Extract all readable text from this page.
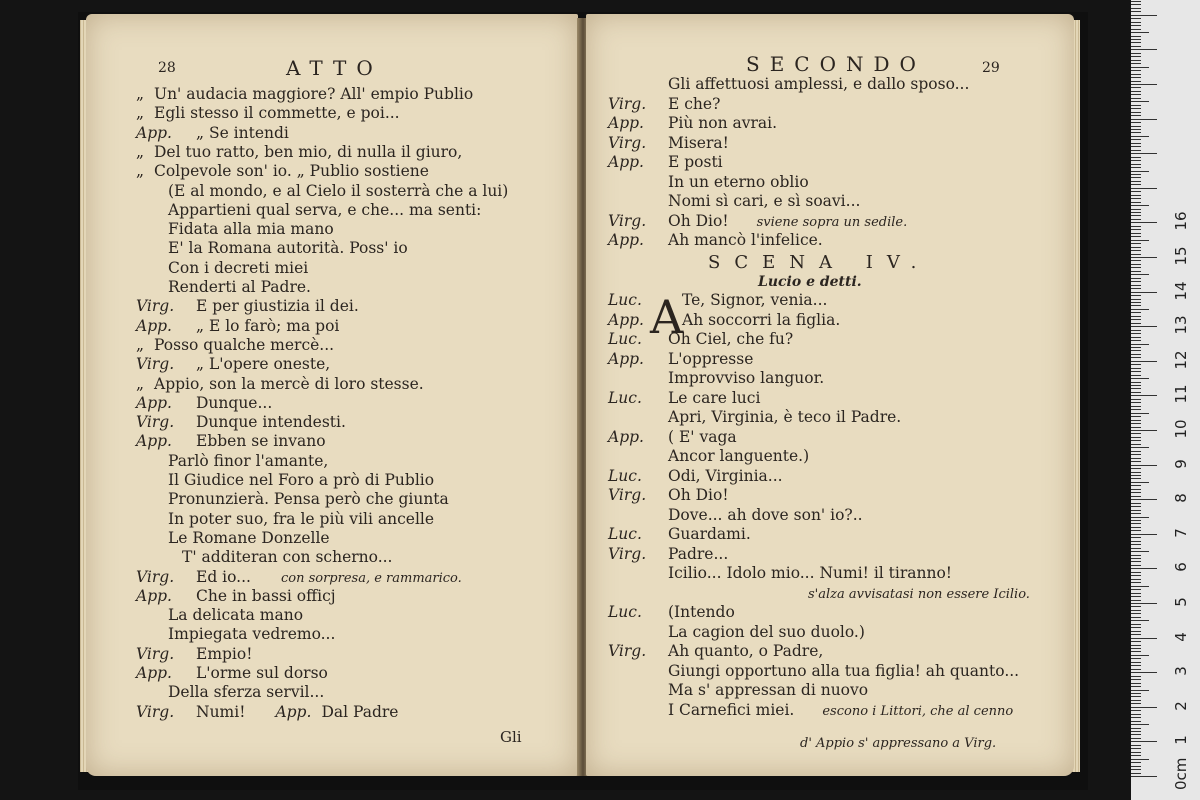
28	ATTO
„ Un' audacia maggiore? All' empio Publio
„ Egli stesso il commette, e poi...
App. „ Se intendi
„ Del tuo ratto, ben mio, di nulla il giuro,
„ Colpevole son' io. „ Publio sostiene
(E al mondo, e al Cielo il sosterrà che a lui)
Appartieni qual serva, e che... ma senti:
Fidata alla mia mano
E' la Romana autorità. Poss' io
Con i decreti miei
Renderti al Padre.
Virg. E per giustizia il dei.
App. „ E lo farò; ma poi
„ Posso qualche mercè...
Virg. „ L'opere oneste,
„ Appio, son la mercè di loro stesse.
App. Dunque...
Virg. Dunque intendesti.
App. Ebben se invano
Parlò finor l'amante,
Il Giudice nel Foro a prò di Publio
Pronunzierà. Pensa però che giunta
In poter suo, fra le più vili ancelle
Le Romane Donzelle
T' additeran con scherno...
Virg. Ed io... con sorpresa, e rammarico.
App. Che in bassi officj
La delicata mano
Impiegata vedremo...
Virg. Empio!
App. L'orme sul dorso
Della sferza servil...
Virg. Numi! App. Dal Padre
Gli
SECONDO	29
Gli affettuosi amplessi, e dallo sposo...
Virg. E che?
App. Più non avrai.
Virg. Misera!
App. E posti
In un eterno oblio
Nomi sì cari, e sì soavi...
Virg. Oh Dio! sviene sopra un sedile.
App. Ah mancò l'infelice.
SCENA IV.
Lucio e detti.
A
Luc.	Te, Signor, venia...
App. Ah soccorri la figlia.
Luc. Oh Ciel, che fu?
App. L'oppresse
Improvviso languor.
Luc. Le care luci
Apri, Virginia, è teco il Padre.
App. ( E' vaga
Ancor languente.)
Luc. Odi, Virginia...
Virg. Oh Dio!
Dove... ah dove son' io?..
Luc. Guardami.
Virg. Padre...
Icilio... Idolo mio... Numi! il tiranno!
s'alza avvisatasi non essere Icilio.
Luc. (Intendo
La cagion del suo duolo.)
Virg. Ah quanto, o Padre,
Giungi opportuno alla tua figlia! ah quanto...
Ma s' appressan di nuovo
I Carnefici miei. escono i Littori, che al cenno
d' Appio s' appressano a Virg.
16
15
14
13
12
11
10
9
8
7
6
5
4
3
2
1
0cm
